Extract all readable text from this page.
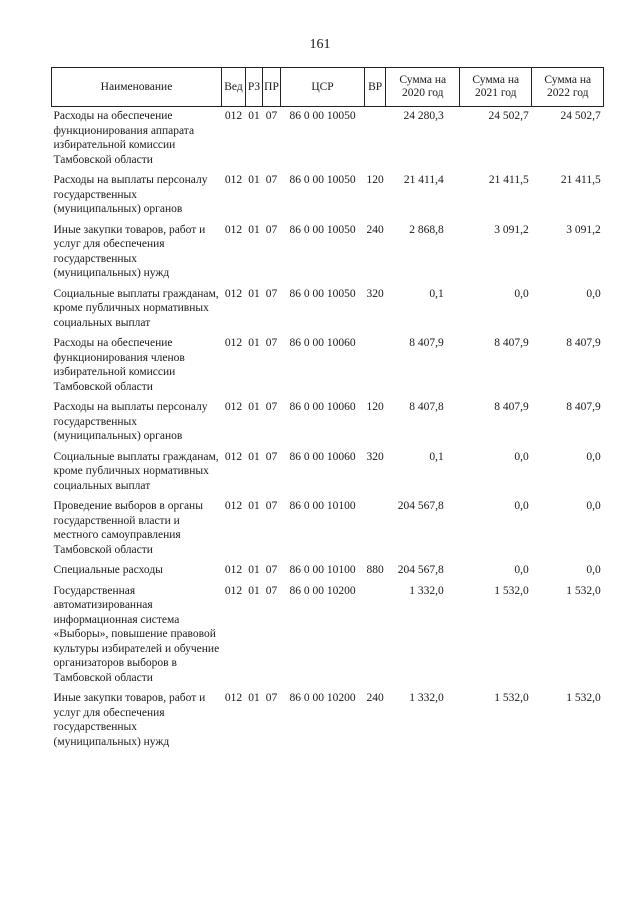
161
Наименование	Вед	РЗ	ПР	ЦСР	ВР	Сумма на 2020 год	Сумма на 2021 год	Сумма на 2022 год
Расходы на обеспечение функционирования аппарата избирательной комиссии Тамбовской области	012	01	07	86 0 00 10050		24 280,3	24 502,7	24 502,7
Расходы на выплаты персоналу государственных (муниципальных) органов	012	01	07	86 0 00 10050	120	21 411,4	21 411,5	21 411,5
Иные закупки товаров, работ и услуг для обеспечения государственных (муниципальных) нужд	012	01	07	86 0 00 10050	240	2 868,8	3 091,2	3 091,2
Социальные выплаты гражданам, кроме публичных нормативных социальных выплат	012	01	07	86 0 00 10050	320	0,1	0,0	0,0
Расходы на обеспечение функционирования членов избирательной комиссии Тамбовской области	012	01	07	86 0 00 10060		8 407,9	8 407,9	8 407,9
Расходы на выплаты персоналу государственных (муниципальных) органов	012	01	07	86 0 00 10060	120	8 407,8	8 407,9	8 407,9
Социальные выплаты гражданам, кроме публичных нормативных социальных выплат	012	01	07	86 0 00 10060	320	0,1	0,0	0,0
Проведение выборов в органы государственной власти и местного самоуправления Тамбовской области	012	01	07	86 0 00 10100		204 567,8	0,0	0,0
Специальные расходы	012	01	07	86 0 00 10100	880	204 567,8	0,0	0,0
Государственная автоматизированная информационная система «Выборы», повышение правовой культуры избирателей и обучение организаторов выборов в Тамбовской области	012	01	07	86 0 00 10200		1 332,0	1 532,0	1 532,0
Иные закупки товаров, работ и услуг для обеспечения государственных (муниципальных) нужд	012	01	07	86 0 00 10200	240	1 332,0	1 532,0	1 532,0
